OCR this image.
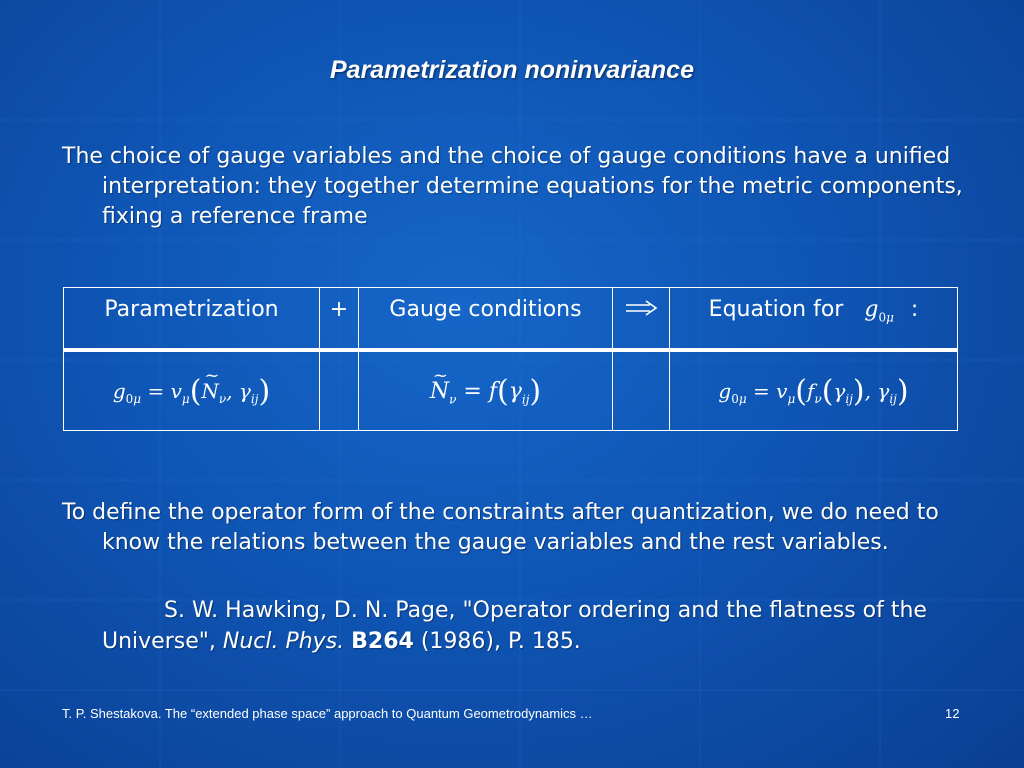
Parametrization noninvariance
The choice of gauge variables and the choice of gauge conditions have a unified interpretation: they together determine equations for the metric components, fixing a reference frame
Parametrization	+	Gauge conditions		Equation for $g_{0\mu}$ :

$g_{0\mu}$ = $v_\mu(\sim$ $N_\nu$, $\gamma_{ij}$)		~ $N_\nu = f(\gamma_{ij})$		$g_{0\mu} = v_\mu(f_\nu(\gamma_{ij})$, $\gamma_{ij}$)
To define the operator form of the constraints after quantization, we do need to know the relations between the gauge variables and the rest variables.
S. W. Hawking, D. N. Page, "Operator ordering and the flatness of the Universe", Nucl. Phys. B264 (1986), P. 185.
T. P. Shestakova. The “extended phase space” approach to Quantum Geometrodynamics …	12
